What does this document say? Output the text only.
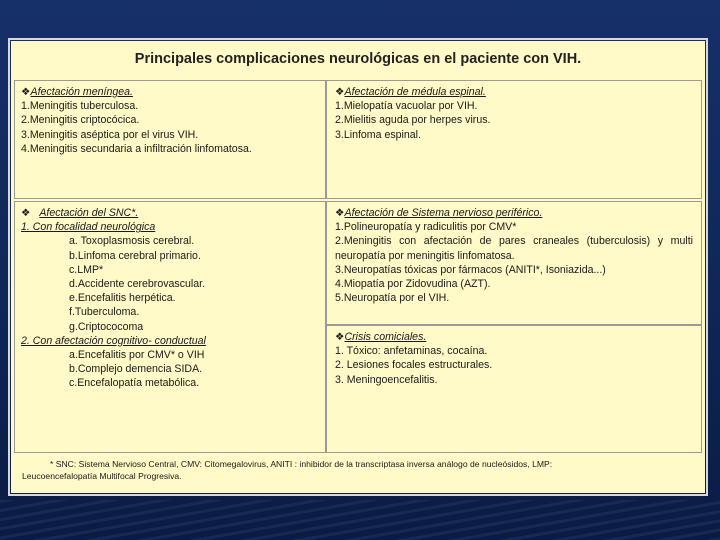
Principales complicaciones neurológicas en el paciente con VIH.
❖Afectación meníngea.
1.Meningitis tuberculosa.
2.Meningitis criptocócica.
3.Meningitis aséptica por el virus VIH.
4.Meningitis secundaria a infiltración linfomatosa.
❖Afectación de médula espinal.
1.Mielopatía vacuolar por VIH.
2.Mielitis aguda por herpes virus.
3.Linfoma espinal.
❖ Afectación del SNC*.
1. Con focalidad neurológica
a. Toxoplasmosis cerebral.
b.Linfoma cerebral primario.
c.LMP*
d.Accidente cerebrovascular.
e.Encefalitis herpética.
f.Tuberculoma.
g.Criptococoma
2. Con afectación cognitivo- conductual
a.Encefalitis por CMV* o VIH
b.Complejo demencia SIDA.
c.Encefalopatía metabólica.
❖Afectación de Sistema nervioso periférico.
1.Polineuropatía y radiculitis por CMV*
2.Meningitis con afectación de pares craneales (tuberculosis) y multi neuropatía por meningitis linfomatosa.
3.Neuropatías tóxicas por fármacos (ANITI*, Isoniazida...)
4.Miopatía por Zidovudina (AZT).
5.Neuropatía por el VIH.
❖Crisis comiciales.
1. Tóxico: anfetaminas, cocaína.
2. Lesiones focales estructurales.
3. Meningoencefalitis.
* SNC: Sistema Nervioso Central, CMV: Citomegalovirus, ANITI : inhibidor de la transcriptasa inversa análogo de nucleósidos, LMP:
Leucoencefalopatía Multifocal Progresiva.
